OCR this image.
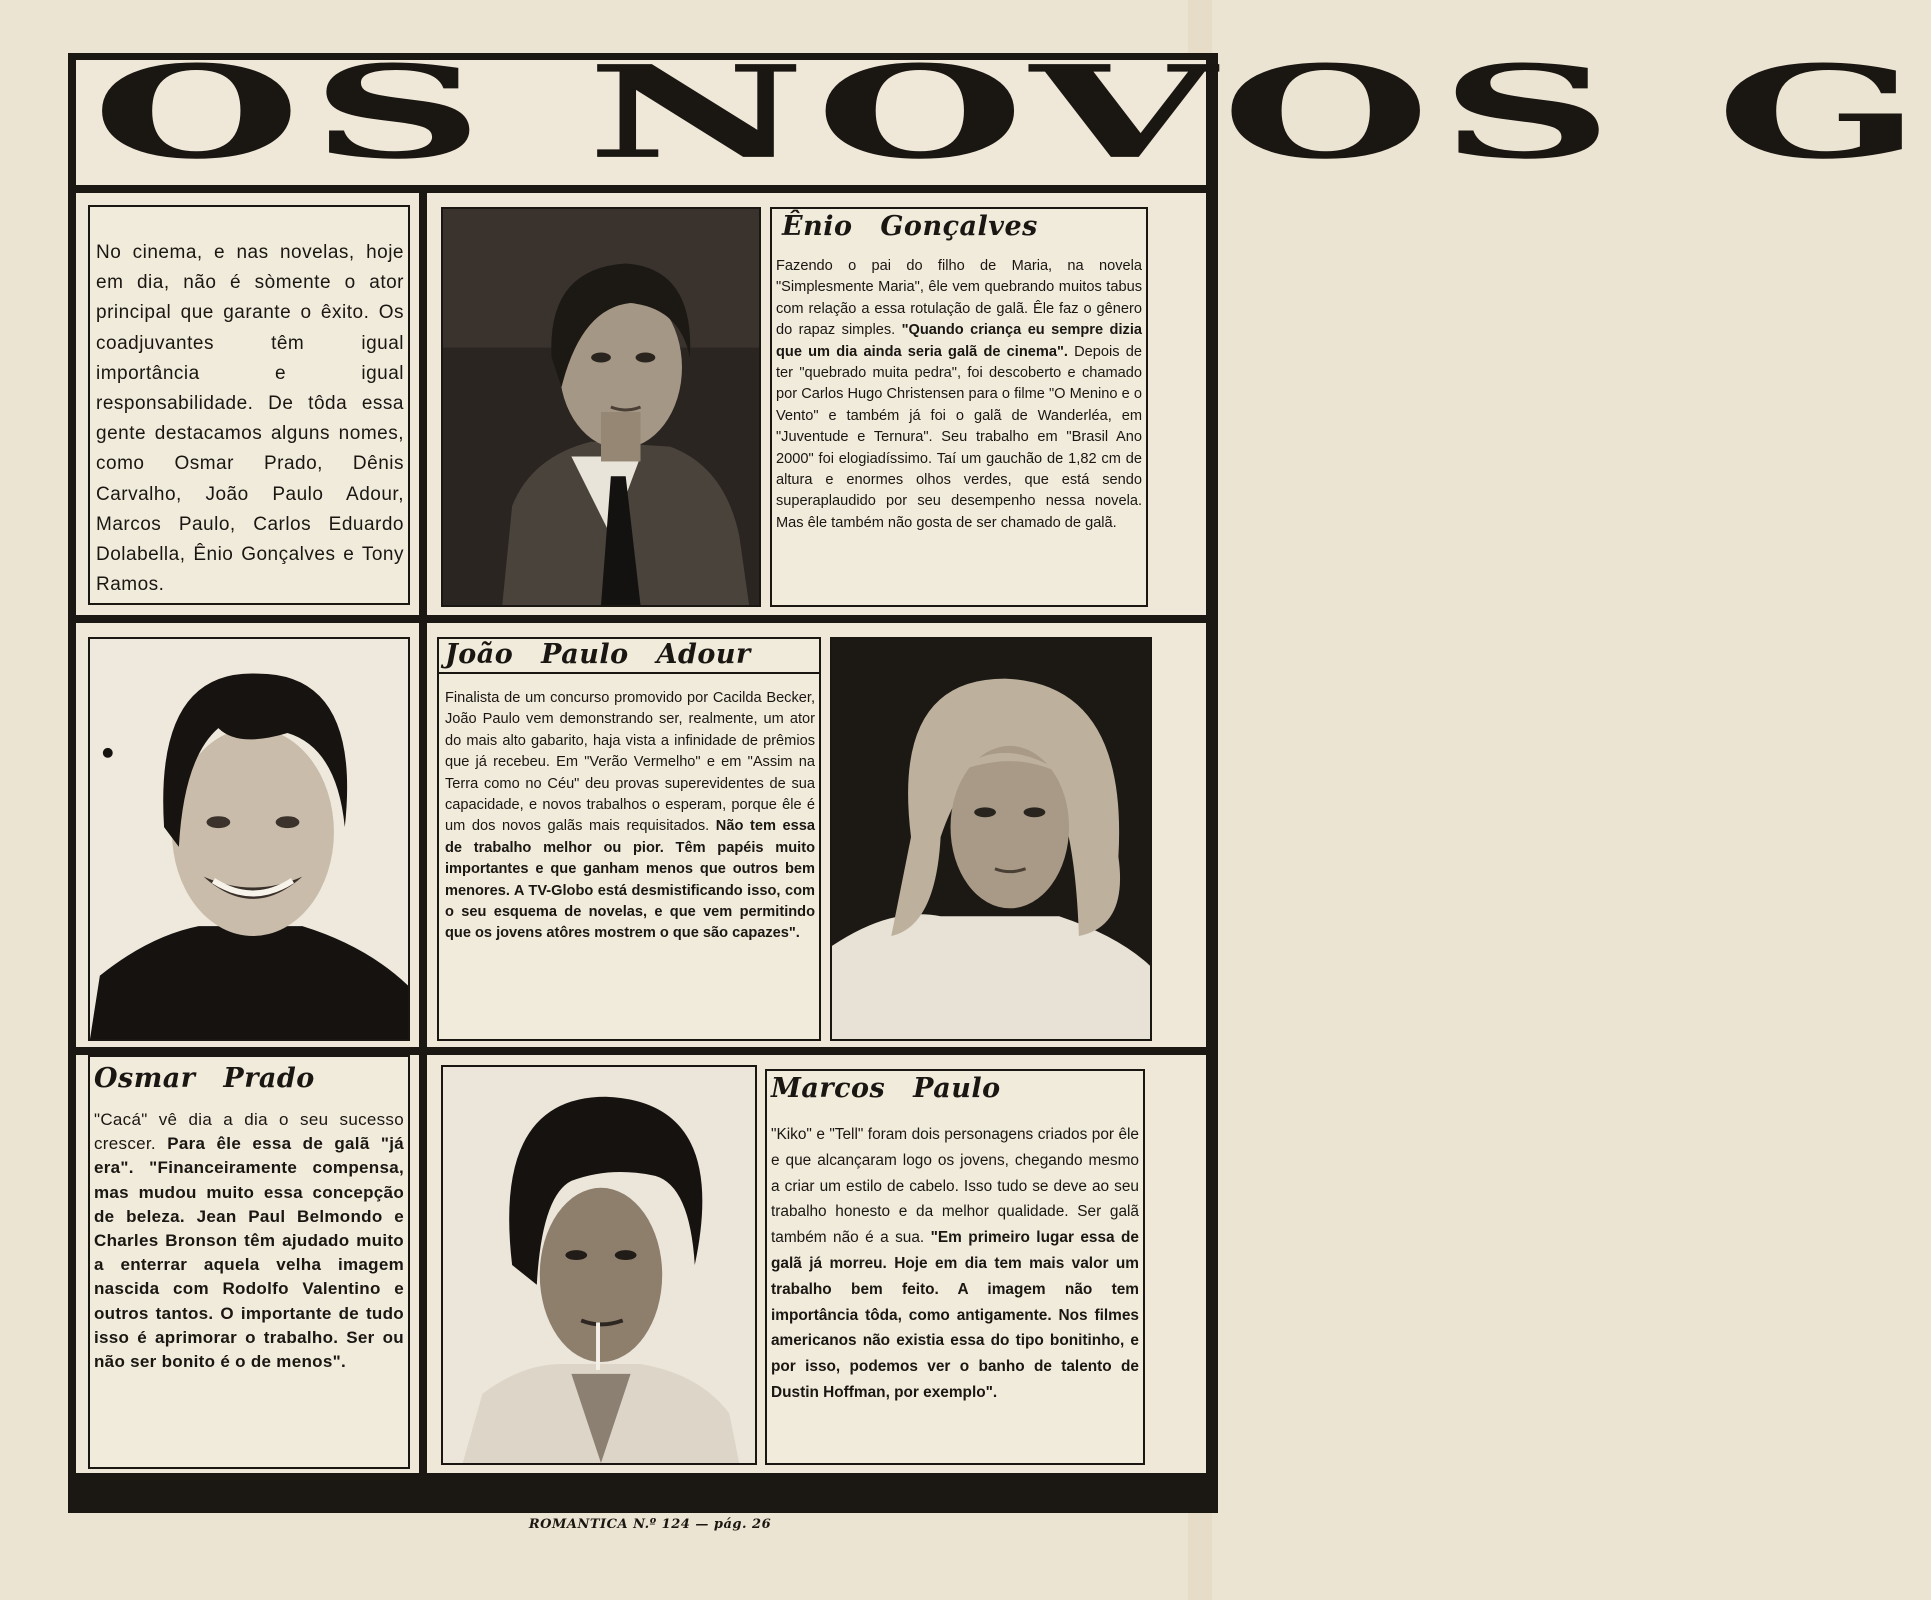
OS NOVOS G

No cinema, e nas novelas, hoje em dia, não é sòmente o ator principal que garante o êxito. Os coadjuvantes têm igual importância e igual responsabilidade. De tôda essa gente destacamos alguns nomes, como Osmar Prado, Dênis Carvalho, João Paulo Adour, Marcos Paulo, Carlos Eduardo Dolabella, Ênio Gonçalves e Tony Ramos.

Ênio Gonçalves

Fazendo o pai do filho de Maria, na novela "Simplesmente Maria", êle vem quebrando muitos tabus com relação a essa rotulação de galã. Êle faz o gênero do rapaz simples. "Quando criança eu sempre dizia que um dia ainda seria galã de cinema". Depois de ter "quebrado muita pedra", foi descoberto e chamado por Carlos Hugo Christensen para o filme "O Menino e o Vento" e também já foi o galã de Wanderléa, em "Juventude e Ternura". Seu trabalho em "Brasil Ano 2000" foi elogiadíssimo. Taí um gauchão de 1,82 cm de altura e enormes olhos verdes, que está sendo superaplaudido por seu desempenho nessa novela. Mas êle também não gosta de ser chamado de galã.

João Paulo Adour

Finalista de um concurso promovido por Cacilda Becker, João Paulo vem demonstrando ser, realmente, um ator do mais alto gabarito, haja vista a infinidade de prêmios que já recebeu. Em "Verão Vermelho" e em "Assim na Terra como no Céu" deu provas superevidentes de sua capacidade, e novos trabalhos o esperam, porque êle é um dos novos galãs mais requisitados. Não tem essa de trabalho melhor ou pior. Têm papéis muito importantes e que ganham menos que outros bem menores. A TV-Globo está desmistificando isso, com o seu esquema de novelas, e que vem permitindo que os jovens atôres mostrem o que são capazes".

Osmar Prado

"Cacá" vê dia a dia o seu sucesso crescer. Para êle essa de galã "já era". "Financeiramente compensa, mas mudou muito essa concepção de beleza. Jean Paul Belmondo e Charles Bronson têm ajudado muito a enterrar aquela velha imagem nascida com Rodolfo Valentino e outros tantos. O importante de tudo isso é aprimorar o trabalho. Ser ou não ser bonito é o de menos".

Marcos Paulo

"Kiko" e "Tell" foram dois personagens criados por êle e que alcançaram logo os jovens, chegando mesmo a criar um estilo de cabelo. Isso tudo se deve ao seu trabalho honesto e da melhor qualidade. Ser galã também não é a sua. "Em primeiro lugar essa de galã já morreu. Hoje em dia tem mais valor um trabalho bem feito. A imagem não tem importância tôda, como antigamente. Nos filmes americanos não existia essa do tipo bonitinho, e por isso, podemos ver o banho de talento de Dustin Hoffman, por exemplo".

ROMANTICA N.º 124 — pág. 26
